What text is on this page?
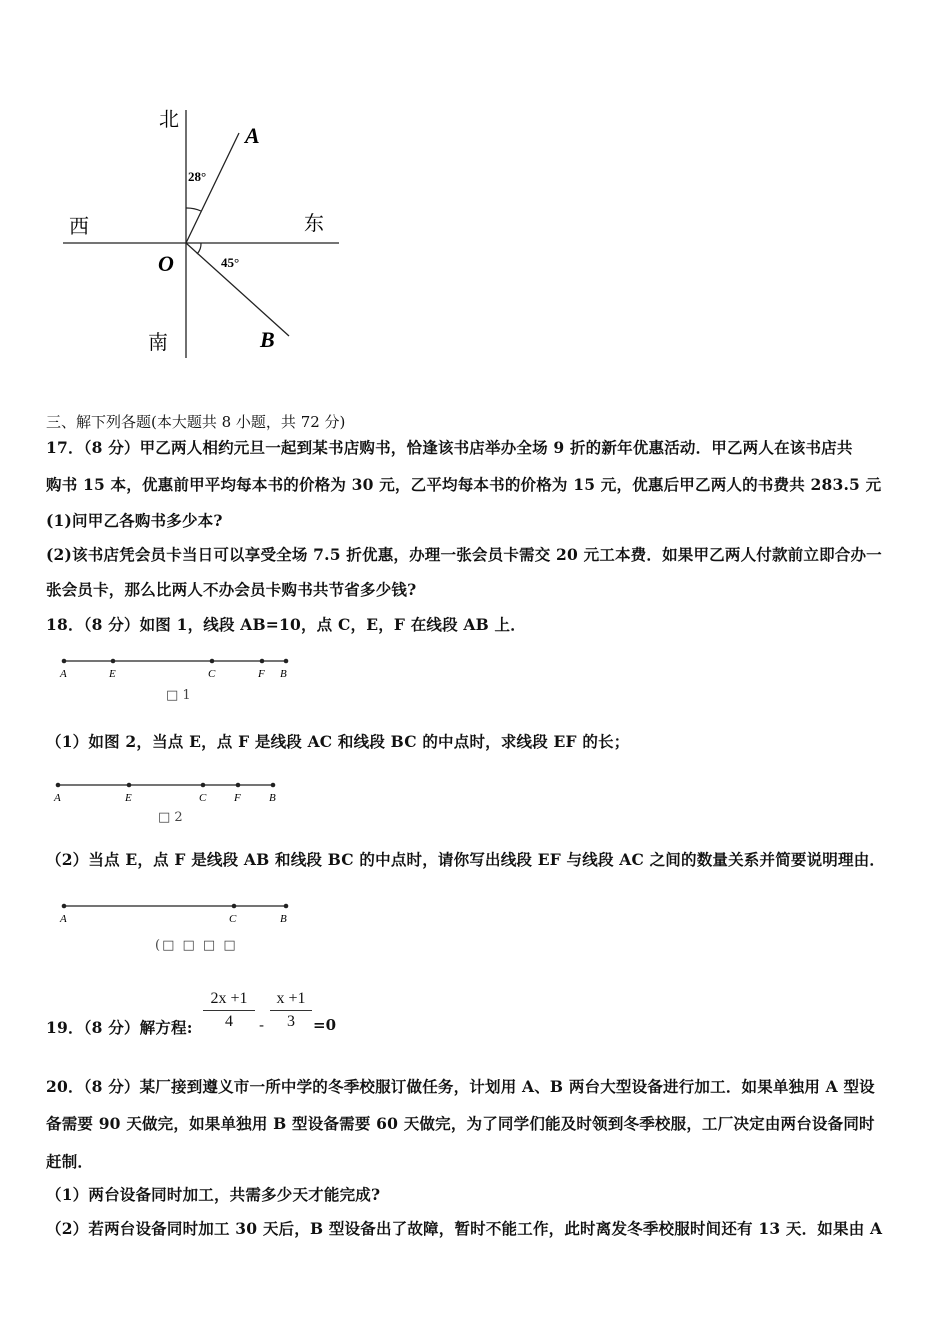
北
西	东
南
O
A
B
28°
45°
三、解下列各题(本大题共 8 小题，共 72 分)
17．（8 分）甲乙两人相约元旦一起到某书店购书，恰逢该书店举办全场 9 折的新年优惠活动．甲乙两人在该书店共
购书 15 本，优惠前甲平均每本书的价格为 30 元，乙平均每本书的价格为 15 元，优惠后甲乙两人的书费共 283.5 元
(1)问甲乙各购书多少本?
(2)该书店凭会员卡当日可以享受全场 7.5 折优惠，办理一张会员卡需交 20 元工本费．如果甲乙两人付款前立即合办一
张会员卡，那么比两人不办会员卡购书共节省多少钱?
18．（8 分）如图 1，线段 AB=10，点 C，E，F 在线段 AB 上．
A	E	C	F B
□ 1
（1）如图 2，当点 E，点 F 是线段 AC 和线段 BC 的中点时，求线段 EF 的长；
A	E	C	F	B
□ 2
（2）当点 E，点 F 是线段 AB 和线段 BC 的中点时，请你写出线段 EF 与线段 AC 之间的数量关系并简要说明理由．
A	C	B
(□ □ □ □
19．（8 分）解方程: $\frac{2x +1}{4} - \frac{x +1}{3} =0$
20．（8 分）某厂接到遵义市一所中学的冬季校服订做任务，计划用 A、B 两台大型设备进行加工．如果单独用 A 型设
备需要 90 天做完，如果单独用 B 型设备需要 60 天做完，为了同学们能及时领到冬季校服，工厂决定由两台设备同时
赶制．
（1）两台设备同时加工，共需多少天才能完成?
（2）若两台设备同时加工 30 天后，B 型设备出了故障，暂时不能工作，此时离发冬季校服时间还有 13 天．如果由 A
